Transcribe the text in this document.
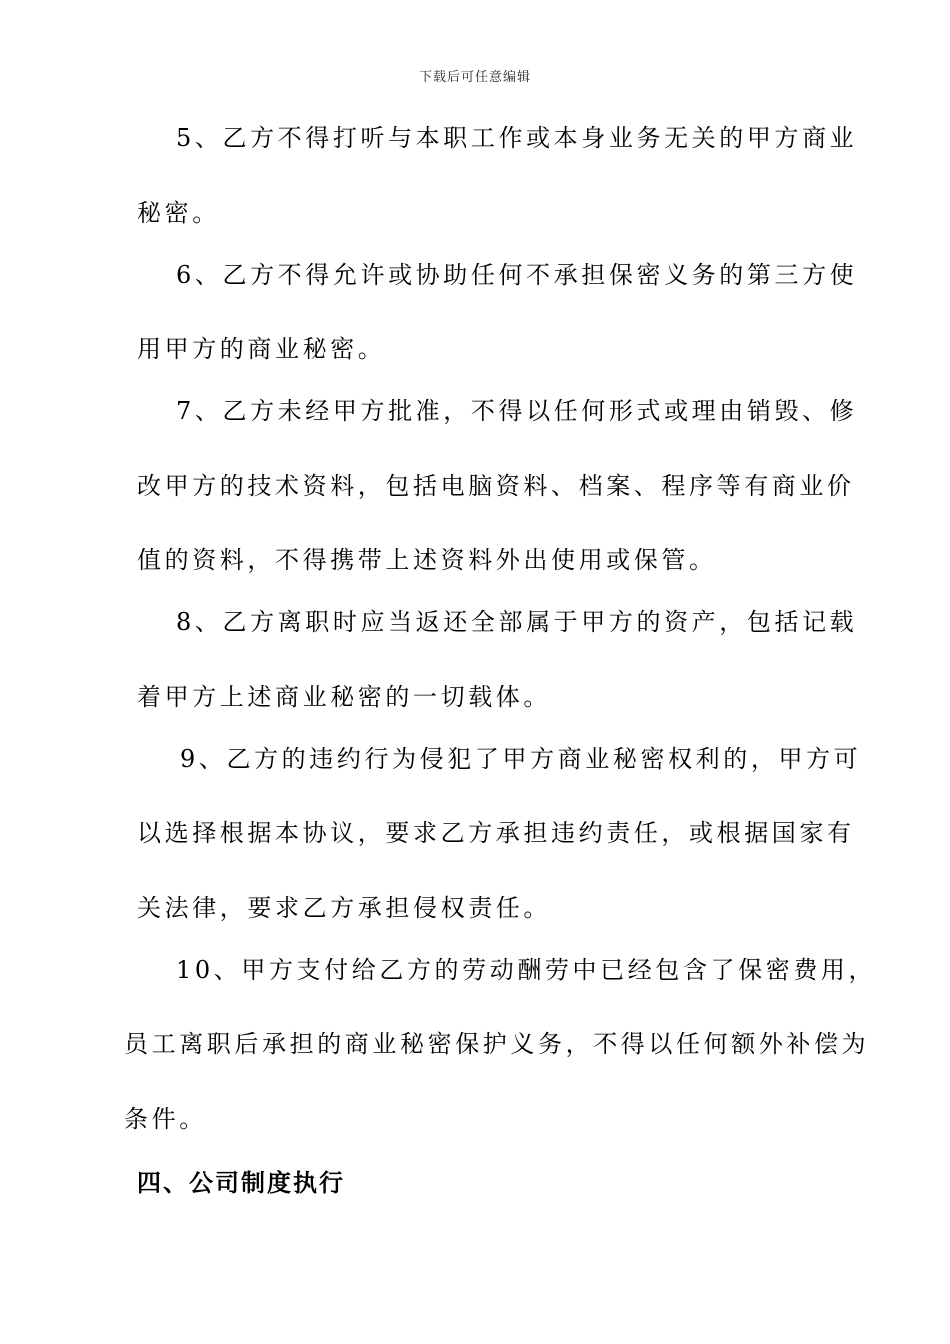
下载后可任意编辑
5、乙方不得打听与本职工作或本身业务无关的甲方商业
秘密。
6、乙方不得允许或协助任何不承担保密义务的第三方使
用甲方的商业秘密。
7、乙方未经甲方批准，不得以任何形式或理由销毁、修
改甲方的技术资料，包括电脑资料、档案、程序等有商业价
值的资料，不得携带上述资料外出使用或保管。
8、乙方离职时应当返还全部属于甲方的资产，包括记载
着甲方上述商业秘密的一切载体。
9、乙方的违约行为侵犯了甲方商业秘密权利的，甲方可
以选择根据本协议，要求乙方承担违约责任，或根据国家有
关法律，要求乙方承担侵权责任。
10、甲方支付给乙方的劳动酬劳中已经包含了保密费用，
员工离职后承担的商业秘密保护义务，不得以任何额外补偿为
条件。
四、公司制度执行
